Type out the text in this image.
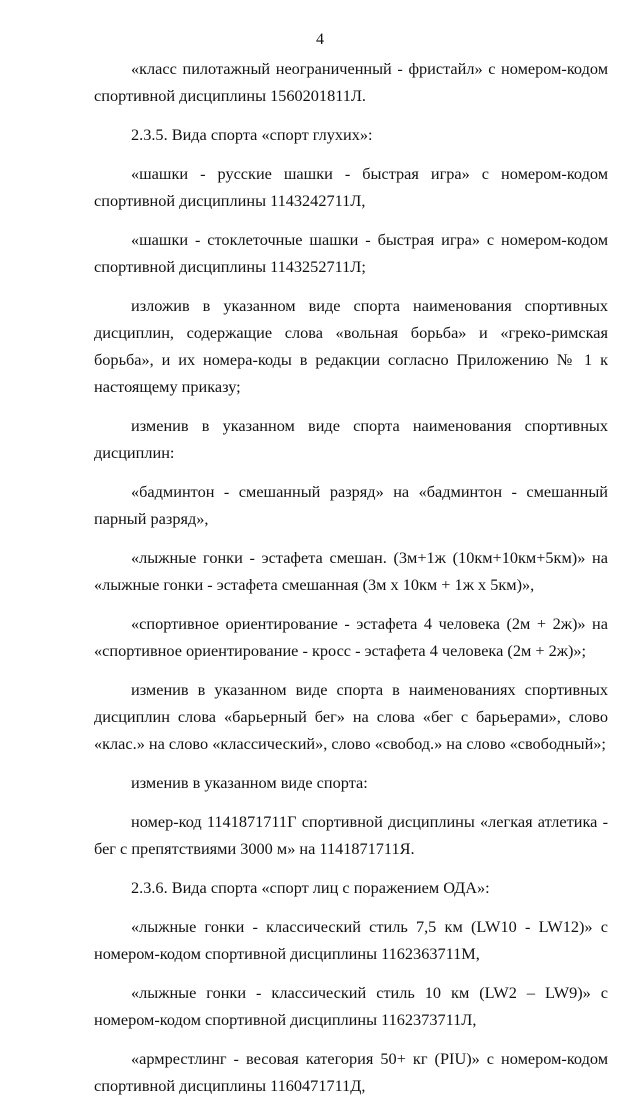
4

«класс пилотажный неограниченный - фристайл» с номером-кодом спортивной дисциплины 1560201811Л.

2.3.5. Вида спорта «спорт глухих»:

«шашки - русские шашки - быстрая игра» с номером-кодом спортивной дисциплины 1143242711Л,

«шашки - стоклеточные шашки - быстрая игра» с номером-кодом спортивной дисциплины 1143252711Л;

изложив в указанном виде спорта наименования спортивных дисциплин, содержащие слова «вольная борьба» и «греко-римская борьба», и их номера-коды в редакции согласно Приложению № 1 к настоящему приказу;

изменив в указанном виде спорта наименования спортивных дисциплин:

«бадминтон - смешанный разряд» на «бадминтон - смешанный парный разряд»,

«лыжные гонки - эстафета смешан. (3м+1ж (10км+10км+5км)» на «лыжные гонки - эстафета смешанная (3м х 10км + 1ж х 5км)»,

«спортивное ориентирование - эстафета 4 человека (2м + 2ж)» на «спортивное ориентирование - кросс - эстафета 4 человека (2м + 2ж)»;

изменив в указанном виде спорта в наименованиях спортивных дисциплин слова «барьерный бег» на слова «бег с барьерами», слово «клас.» на слово «классический», слово «свобод.» на слово «свободный»;

изменив в указанном виде спорта:

номер-код 1141871711Г спортивной дисциплины «легкая атлетика - бег с препятствиями 3000 м» на 1141871711Я.

2.3.6. Вида спорта «спорт лиц с поражением ОДА»:

«лыжные гонки - классический стиль 7,5 км (LW10 - LW12)» с номером-кодом спортивной дисциплины 1162363711М,

«лыжные гонки - классический стиль 10 км (LW2 – LW9)» с номером-кодом спортивной дисциплины 1162373711Л,

«армрестлинг - весовая категория 50+ кг (PIU)» с номером-кодом спортивной дисциплины 1160471711Д,
